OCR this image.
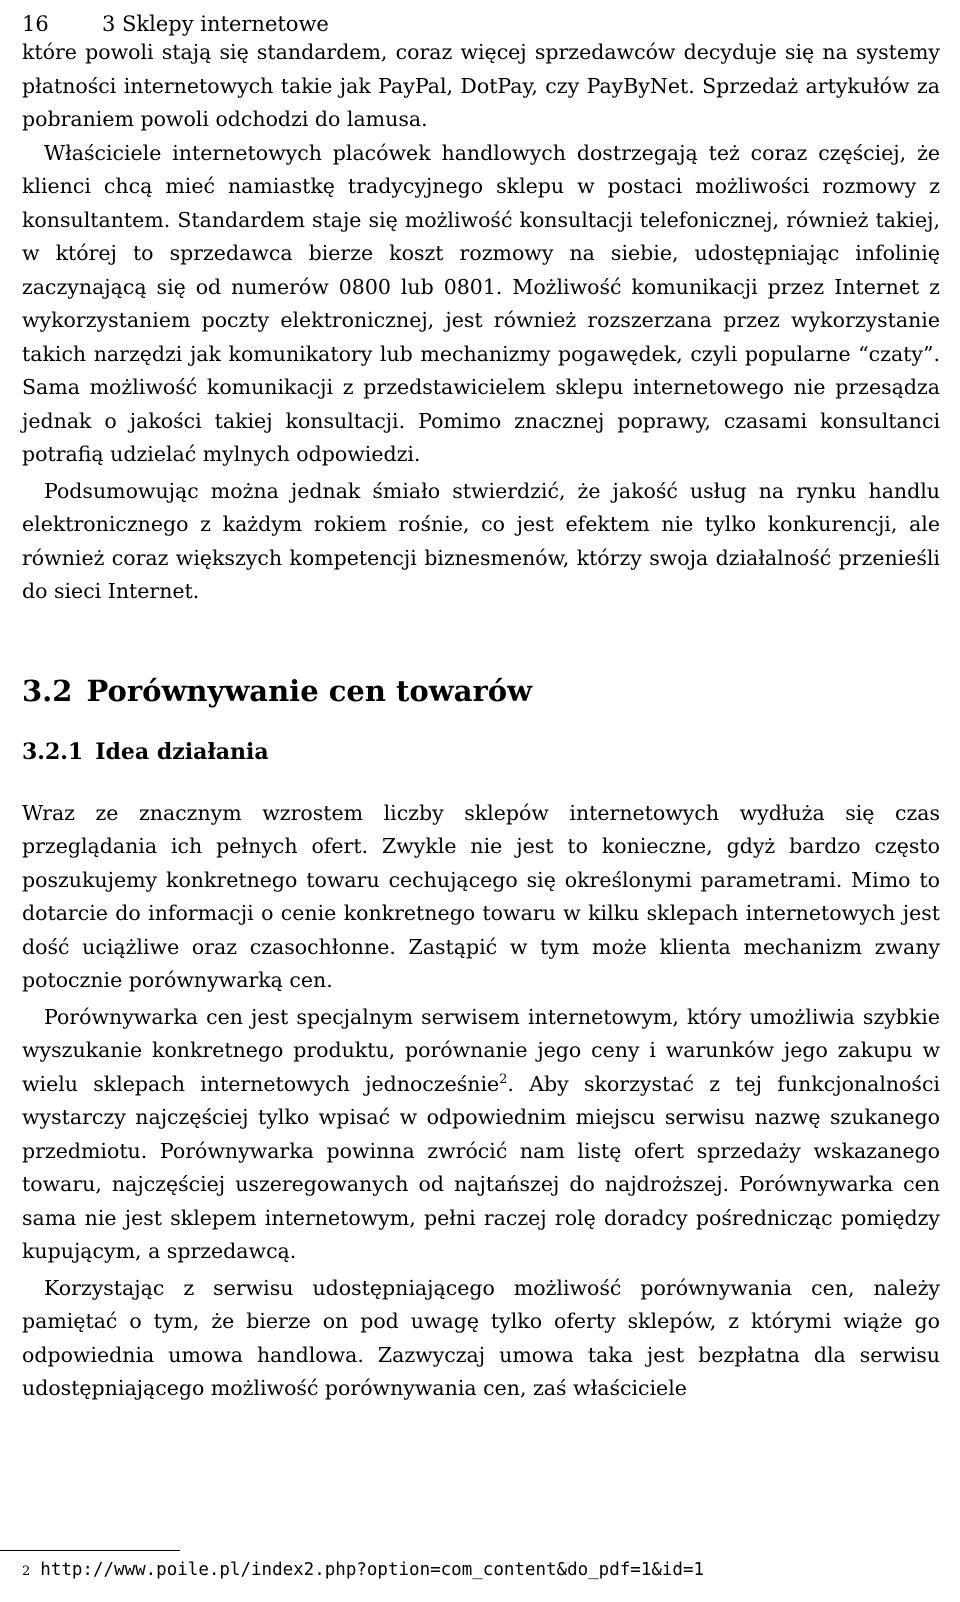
16	3 Sklepy internetowe

które powoli stają się standardem, coraz więcej sprzedawców decyduje się na systemy płatności internetowych takie jak PayPal, DotPay, czy PayByNet. Sprzedaż artykułów za pobraniem powoli odchodzi do lamusa.

Właściciele internetowych placówek handlowych dostrzegają też coraz częściej, że klienci chcą mieć namiastkę tradycyjnego sklepu w postaci możliwości rozmowy z konsultantem. Standardem staje się możliwość konsultacji telefonicznej, również takiej, w której to sprzedawca bierze koszt rozmowy na siebie, udostępniając infolinię zaczynającą się od numerów 0800 lub 0801. Możliwość komunikacji przez Internet z wykorzystaniem poczty elektronicznej, jest również rozszerzana przez wykorzystanie takich narzędzi jak komunikatory lub mechanizmy pogawędek, czyli popularne “czaty”. Sama możliwość komunikacji z przedstawicielem sklepu internetowego nie przesądza jednak o jakości takiej konsultacji. Pomimo znacznej poprawy, czasami konsultanci potrafią udzielać mylnych odpowiedzi.

Podsumowując można jednak śmiało stwierdzić, że jakość usług na rynku handlu elektronicznego z każdym rokiem rośnie, co jest efektem nie tylko konkurencji, ale również coraz większych kompetencji biznesmenów, którzy swoja działalność przenieśli do sieci Internet.

3.2 Porównywanie cen towarów
3.2.1 Idea działania

Wraz ze znacznym wzrostem liczby sklepów internetowych wydłuża się czas przeglądania ich pełnych ofert. Zwykle nie jest to konieczne, gdyż bardzo często poszukujemy konkretnego towaru cechującego się określonymi parametrami. Mimo to dotarcie do informacji o cenie konkretnego towaru w kilku sklepach internetowych jest dość uciążliwe oraz czasochłonne. Zastąpić w tym może klienta mechanizm zwany potocznie porównywarką cen.

Porównywarka cen jest specjalnym serwisem internetowym, który umożliwia szybkie wyszukanie konkretnego produktu, porównanie jego ceny i warunków jego zakupu w wielu sklepach internetowych jednocześnie$^2$. Aby skorzystać z tej funkcjonalności wystarczy najczęściej tylko wpisać w odpowiednim miejscu serwisu nazwę szukanego przedmiotu. Porównywarka powinna zwrócić nam listę ofert sprzedaży wskazanego towaru, najczęściej uszeregowanych od najtańszej do najdroższej. Porównywarka cen sama nie jest sklepem internetowym, pełni raczej rolę doradcy pośrednicząc pomiędzy kupującym, a sprzedawcą.

Korzystając z serwisu udostępniającego możliwość porównywania cen, należy pamiętać o tym, że bierze on pod uwagę tylko oferty sklepów, z którymi wiąże go odpowiednia umowa handlowa. Zazwyczaj umowa taka jest bezpłatna dla serwisu udostępniającego możliwość porównywania cen, zaś właściciele

2 http://www.poile.pl/index2.php?option=com_content&do_pdf=1&id=1
